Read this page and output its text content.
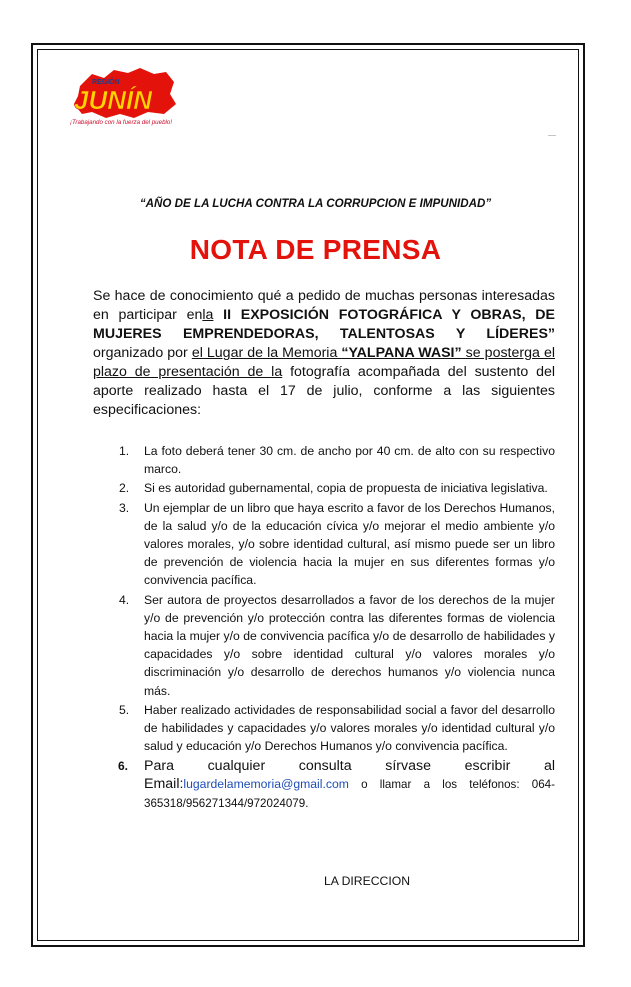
JUNÍN
REGIÓN
¡Trabajando con la fuerza del pueblo!
----
“AÑO DE LA LUCHA CONTRA LA CORRUPCION E IMPUNIDAD”
NOTA DE PRENSA
Se hace de conocimiento qué a pedido de muchas personas interesadas en participar enla II EXPOSICIÓN FOTOGRÁFICA Y OBRAS, DE MUJERES EMPRENDEDORAS, TALENTOSAS Y LÍDERES” organizado por el Lugar de la Memoria “YALPANA WASI” se posterga el plazo de presentación de la fotografía acompañada del sustento del aporte realizado hasta el 17 de julio, conforme a las siguientes especificaciones:
1. La foto deberá tener 30 cm. de ancho por 40 cm. de alto con su respectivo marco.
2. Si es autoridad gubernamental, copia de propuesta de iniciativa legislativa.
3. Un ejemplar de un libro que haya escrito a favor de los Derechos Humanos, de la salud y/o de la educación cívica y/o mejorar el medio ambiente y/o valores morales, y/o sobre identidad cultural, así mismo puede ser un libro de prevención de violencia hacia la mujer en sus diferentes formas y/o convivencia pacífica.
4. Ser autora de proyectos desarrollados a favor de los derechos de la mujer y/o de prevención y/o protección contra las diferentes formas de violencia hacia la mujer y/o de convivencia pacífica y/o de desarrollo de habilidades y capacidades y/o sobre identidad cultural y/o valores morales y/o discriminación y/o desarrollo de derechos humanos y/o violencia nunca más.
5. Haber realizado actividades de responsabilidad social a favor del desarrollo de habilidades y capacidades y/o valores morales y/o identidad cultural y/o salud y educación y/o Derechos Humanos y/o convivencia pacífica.
6. Para cualquier consulta sírvase escribir al Email:lugardelamemoria@gmail.com o llamar a los teléfonos: 064-365318/956271344/972024079.
LA DIRECCION
